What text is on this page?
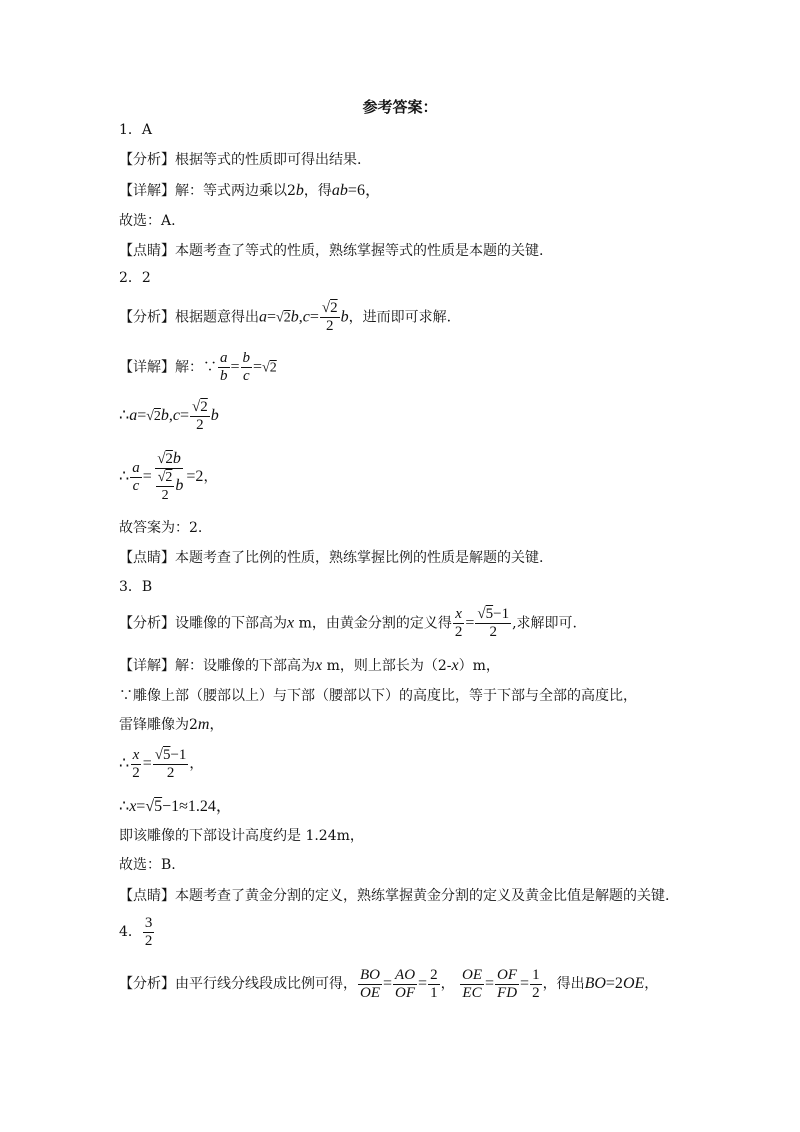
参考答案：
1．A
【分析】根据等式的性质即可得出结果.
【详解】解：等式两边乘以2b，得ab=6，
故选：A.
【点睛】本题考查了等式的性质，熟练掌握等式的性质是本题的关键.
2．2
【分析】根据题意得出$a=√2b,c= \frac{√2}{2}$ b，进而即可求解.
【详解】解：∵ $\frac{a}{b} = \frac{b}{c} =√2$
∴a=√2b,c= $\frac{√2}{2}$ b
∴ $\frac{a}{c} = \frac{√2b}{\frac{√2}{2} b} =2$，
故答案为：2.
【点睛】本题考查了比例的性质，熟练掌握比例的性质是解题的关键.
3．B
【分析】设雕像的下部高为x m，由黄金分割的定义得 $\frac{x}{2} = \frac{√5-1}{2}$ ,求解即可.
【详解】解：设雕像的下部高为x m，则上部长为（2-x）m，
∵雕像上部（腰部以上）与下部（腰部以下）的高度比，等于下部与全部的高度比，
雷锋雕像为2m，
∴ $\frac{x}{2} = \frac{√5-1}{2}$ ，
∴x=√5−1≈1.24，
即该雕像的下部设计高度约是 1.24m，
故选：B.
【点睛】本题考查了黄金分割的定义，熟练掌握黄金分割的定义及黄金比值是解题的关键.
4． $\frac{3}{2}$
【分析】由平行线分线段成比例可得， $\frac{BO}{OE} = \frac{AO}{OF} = \frac{2}{1}$ ， $\frac{OE}{EC} = \frac{OF}{FD} = \frac{1}{2}$ ，得出BO=2OE，
